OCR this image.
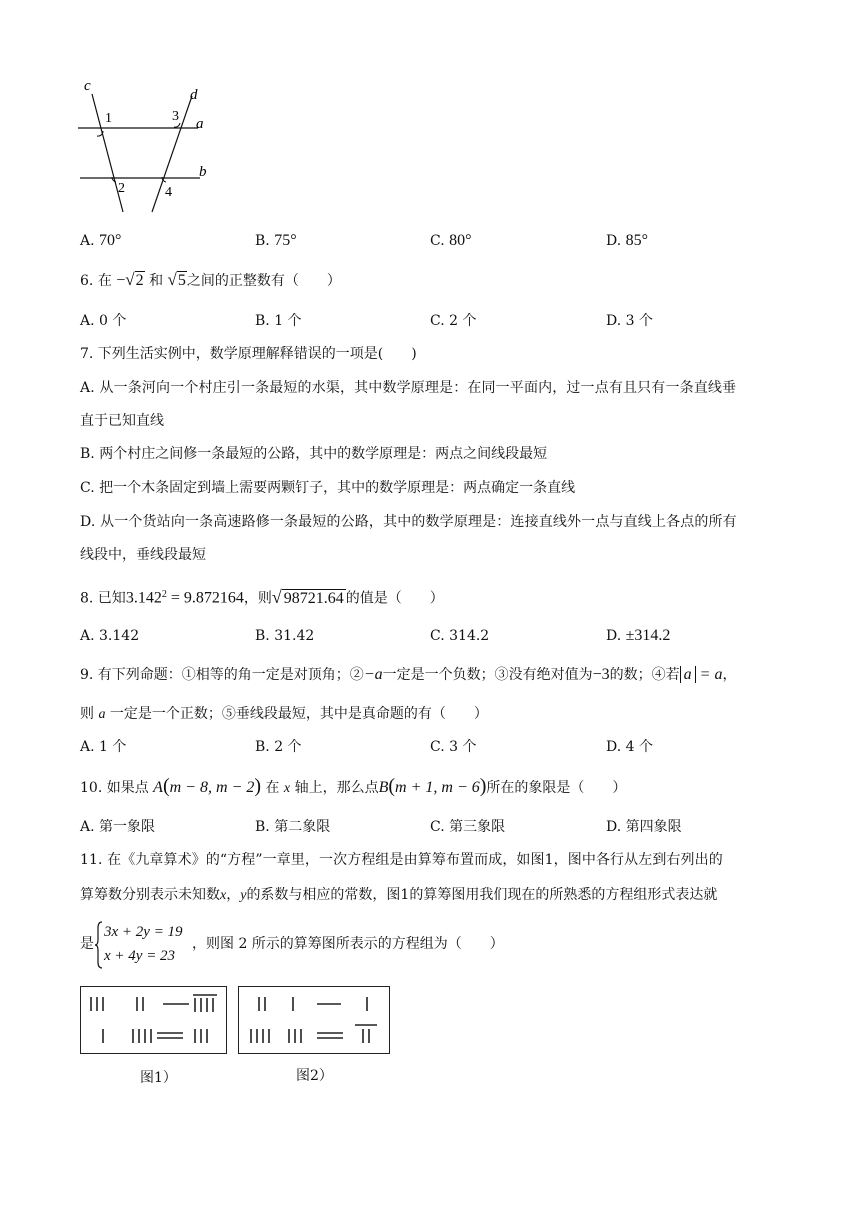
c
d
a
b
1
2
3
4
A. 70°	B. 75°	C. 80°	D. 85°
6. 在 −√2 和 √5之间的正整数有（　　）
A. 0 个	B. 1 个	C. 2 个	D. 3 个
7. 下列生活实例中，数学原理解释错误的一项是(　　)
A. 从一条河向一个村庄引一条最短的水渠，其中数学原理是：在同一平面内，过一点有且只有一条直线垂
直于已知直线
B. 两个村庄之间修一条最短的公路，其中的数学原理是：两点之间线段最短
C. 把一个木条固定到墙上需要两颗钉子，其中的数学原理是：两点确定一条直线
D. 从一个货站向一条高速路修一条最短的公路，其中的数学原理是：连接直线外一点与直线上各点的所有
线段中，垂线段最短
8. 已知$3.142^2 = 9.872164$，则√ 98721.64 的值是（　　）
A. 3.142	B. 31.42	C. 314.2	D. ±314.2
9. 有下列命题：①相等的角一定是对顶角；②−a一定是一个负数；③没有绝对值为−3的数；④若 a = a，
则 a 一定是一个正数；⑤垂线段最短，其中是真命题的有（　　）
A. 1 个	B. 2 个	C. 3 个	D. 4 个
10. 如果点 A(m − 8, m − 2) 在 x 轴上，那么点B(m + 1, m − 6)所在的象限是（　　）
A. 第一象限	B. 第二象限	C. 第三象限	D. 第四象限
11. 在《九章算术》的“方程”一章里，一次方程组是由算筹布置而成，如图1，图中各行从左到右列出的
算筹数分别表示未知数x，y的系数与相应的常数，图1的算筹图用我们现在的所熟悉的方程组形式表达就
是
3x + 2y = 19
x + 4y = 23
，则图 2 所示的算筹图所表示的方程组为（　　）
图1）	图2）
